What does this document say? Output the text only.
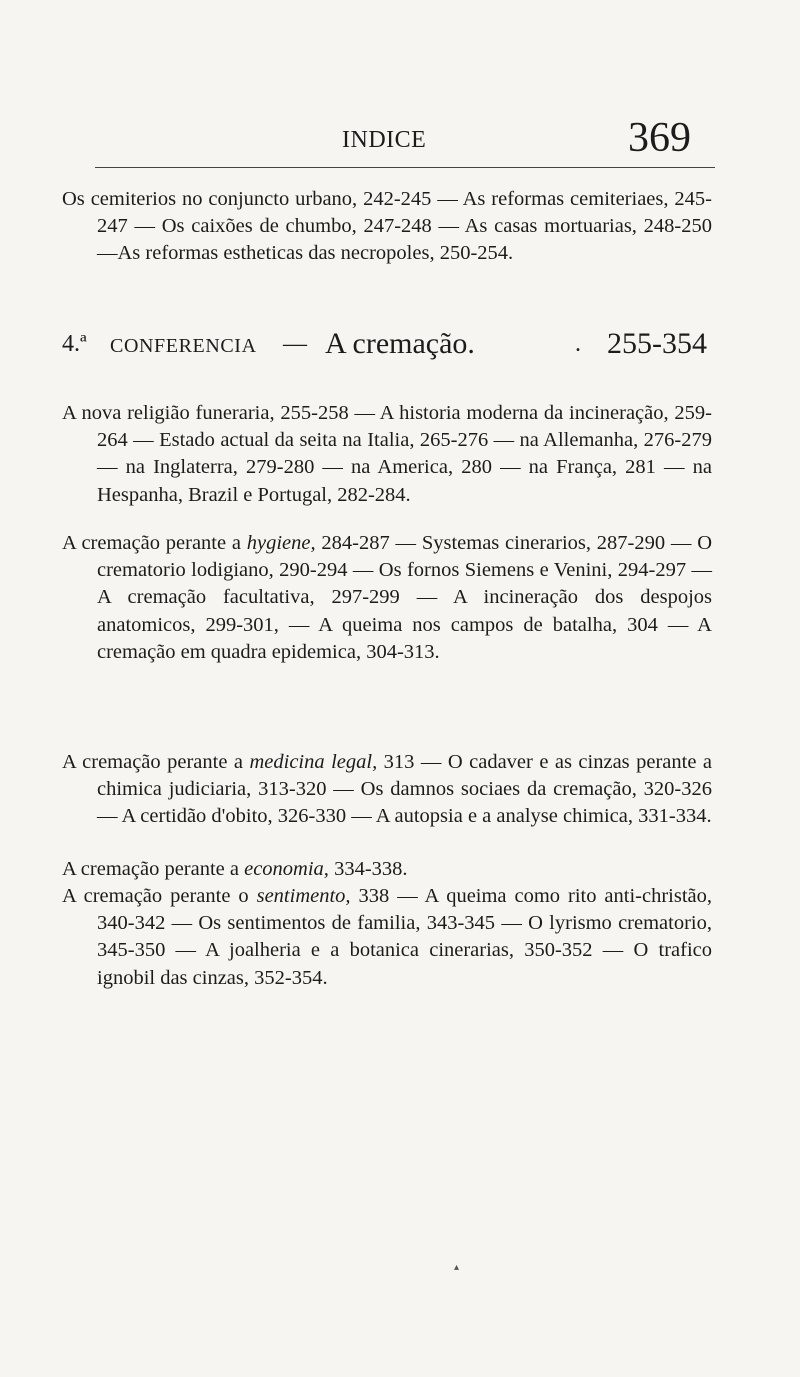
INDICE	369

Os cemiterios no conjuncto urbano, 242-245 — As reformas cemiteriaes, 245-247 — Os caixões de chumbo, 247-248 — As casas mortuarias, 248-250—As reformas estheticas das necropoles, 250-254.

4.ª CONFERENCIA — A cremação.	. 255-354

A nova religião funeraria, 255-258 — A historia moderna da incineração, 259-264 — Estado actual da seita na Italia, 265-276 — na Allemanha, 276-279 — na Inglaterra, 279-280 — na America, 280 — na França, 281 — na Hespanha, Brazil e Portugal, 282-284.

A cremação perante a hygiene, 284-287 — Systemas cinerarios, 287-290 — O crematorio lodigiano, 290-294 — Os fornos Siemens e Venini, 294-297 — A cremação facultativa, 297-299 — A incineração dos despojos anatomicos, 299-301, — A queima nos campos de batalha, 304 — A cremação em quadra epidemica, 304-313.

A cremação perante a medicina legal, 313 — O cadaver e as cinzas perante a chimica judiciaria, 313-320 — Os damnos sociaes da cremação, 320-326 — A certidão d'obito, 326-330 — A autopsia e a analyse chimica, 331-334.

A cremação perante a economia, 334-338.

A cremação perante o sentimento, 338 — A queima como rito anti-christão, 340-342 — Os sentimentos de familia, 343-345 — O lyrismo crematorio, 345-350 — A joalheria e a botanica cinerarias, 350-352 — O trafico ignobil das cinzas, 352-354.

▴
